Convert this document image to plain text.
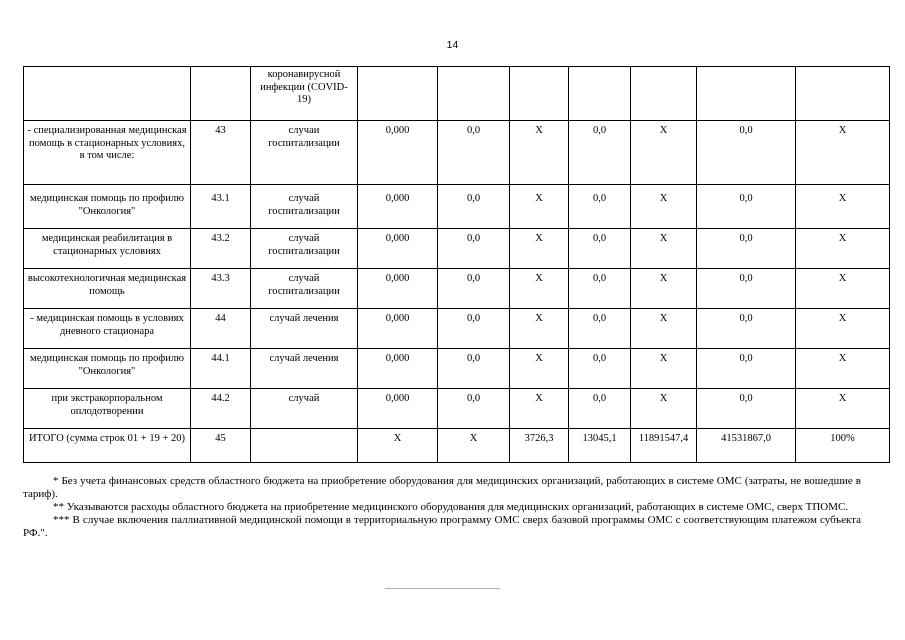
14
		коронавирусной инфекции (COVID-19)							
- специализированная медицинская помощь в стационарных условиях, в том числе:	43	случаи госпитализации	0,000	0,0	X	0,0	X	0,0	X
медицинская помощь по профилю "Онкология"	43.1	случай госпитализации	0,000	0,0	X	0,0	X	0,0	X
медицинская реабилитация в стационарных условиях	43.2	случай госпитализации	0,000	0,0	X	0,0	X	0,0	X
высокотехнологичная медицинская помощь	43.3	случай госпитализации	0,000	0,0	X	0,0	X	0,0	X
- медицинская помощь в условиях дневного стационара	44	случай лечения	0,000	0,0	X	0,0	X	0,0	X
медицинская помощь по профилю "Онкология"	44.1	случай лечения	0,000	0,0	X	0,0	X	0,0	X
при экстракорпоральном оплодотворении	44.2	случай	0,000	0,0	X	0,0	X	0,0	X
ИТОГО (сумма строк 01 + 19 + 20)	45		X	X	3726,3	13045,1	11891547,4	41531867,0	100%

* Без учета финансовых средств областного бюджета на приобретение оборудования для медицинских организаций, работающих в системе ОМС (затраты, не вошедшие в тариф).

** Указываются расходы областного бюджета на приобретение медицинского оборудования для медицинских организаций, работающих в системе ОМС, сверх ТПОМС.

*** В случае включения паллиативной медицинской помощи в территориальную программу ОМС сверх базовой программы ОМС с соответствующим платежом субъекта РФ.".
